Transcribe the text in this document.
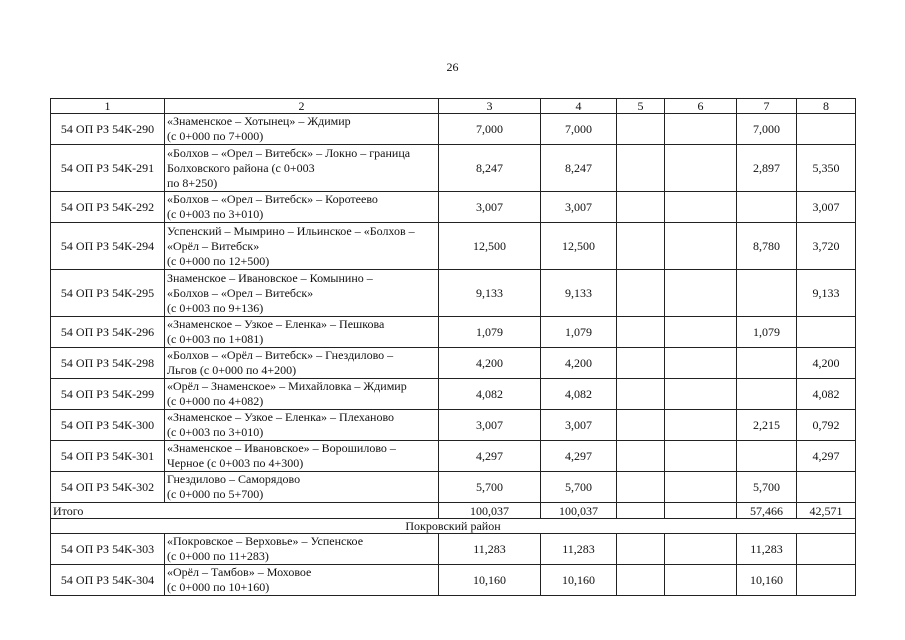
26
1	2	3	4	5	6	7	8
54 ОП РЗ 54К-290	«Знаменское – Хотынец» – Ждимир
(с 0+000 по 7+000)	7,000	7,000			7,000	
54 ОП РЗ 54К-291	«Болхов – «Орел – Витебск» – Локно – граница
Болховского района (с 0+003
по 8+250)	8,247	8,247			2,897	5,350
54 ОП РЗ 54К-292	«Болхов – «Орел – Витебск» – Коротеево
(с 0+003 по 3+010)	3,007	3,007				3,007
54 ОП РЗ 54К-294	Успенский – Мымрино – Ильинское – «Болхов –
«Орёл – Витебск»
(с 0+000 по 12+500)	12,500	12,500			8,780	3,720
54 ОП РЗ 54К-295	Знаменское – Ивановское – Комынино –
«Болхов – «Орел – Витебск»
(с 0+003 по 9+136)	9,133	9,133				9,133
54 ОП РЗ 54К-296	«Знаменское – Узкое – Еленка» – Пешкова
(с 0+003 по 1+081)	1,079	1,079			1,079	
54 ОП РЗ 54К-298	«Болхов – «Орёл – Витебск» – Гнездилово –
Льгов (с 0+000 по 4+200)	4,200	4,200				4,200
54 ОП РЗ 54К-299	«Орёл – Знаменское» – Михайловка – Ждимир
(с 0+000 по 4+082)	4,082	4,082				4,082
54 ОП РЗ 54К-300	«Знаменское – Узкое – Еленка» – Плеханово
(с 0+003 по 3+010)	3,007	3,007			2,215	0,792
54 ОП РЗ 54К-301	«Знаменское – Ивановское» – Ворошилово –
Черное (с 0+003 по 4+300)	4,297	4,297				4,297
54 ОП РЗ 54К-302	Гнездилово – Саморядово
(с 0+000 по 5+700)	5,700	5,700			5,700	
Итого		100,037	100,037			57,466	42,571
Покровский район							
54 ОП РЗ 54К-303	«Покровское – Верховье» – Успенское
(с 0+000 по 11+283)	11,283	11,283			11,283	
54 ОП РЗ 54К-304	«Орёл – Тамбов» – Моховое
(с 0+000 по 10+160)	10,160	10,160			10,160	
